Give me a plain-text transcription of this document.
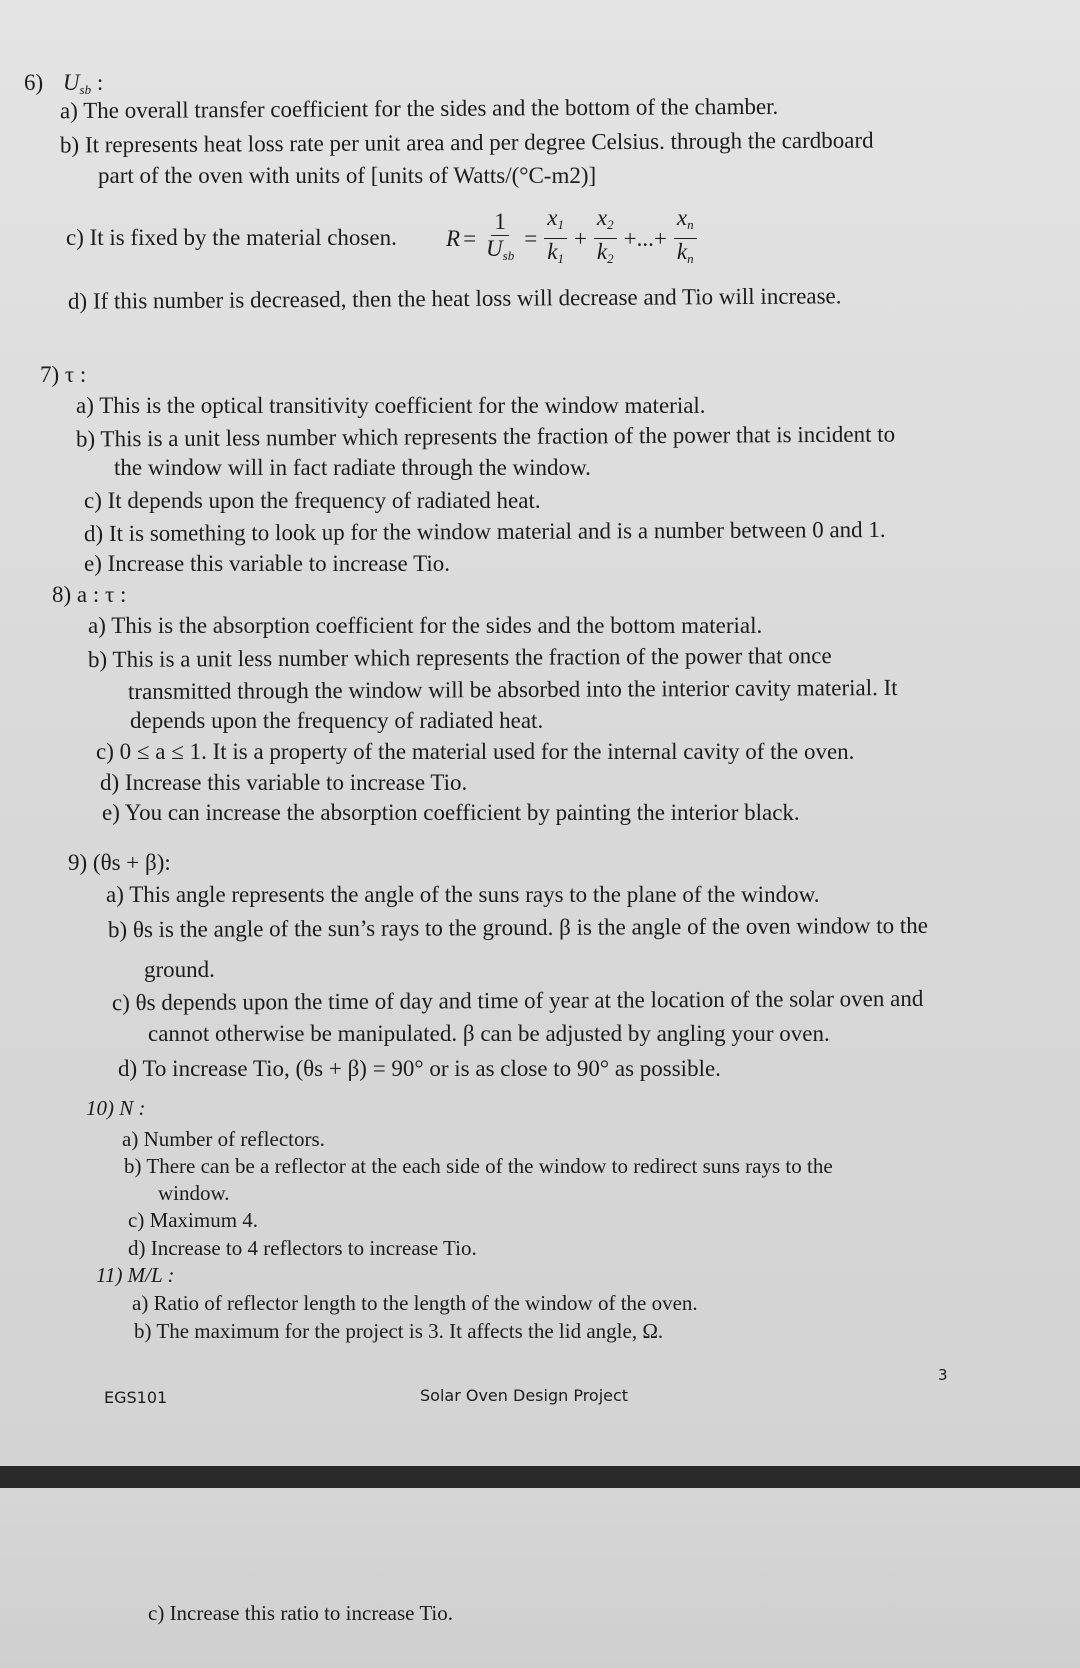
6) $U_{sb}$ :
a) The overall transfer coefficient for the sides and the bottom of the chamber.
b) It represents heat loss rate per unit area and per degree Celsius. through the cardboard
part of the oven with units of [units of Watts/(°C-m2)]
c) It is fixed by the material chosen. $R = \frac{1}{U_{sb}} = \frac{x_1}{k_1} + \frac{x_2}{k_2}$ +...+ $\frac{x_n}{k_n}$
d) If this number is decreased, then the heat loss will decrease and Tio will increase.
7) τ :
a) This is the optical transitivity coefficient for the window material.
b) This is a unit less number which represents the fraction of the power that is incident to
the window will in fact radiate through the window.
c) It depends upon the frequency of radiated heat.
d) It is something to look up for the window material and is a number between 0 and 1.
e) Increase this variable to increase Tio.
8) a : τ :
a) This is the absorption coefficient for the sides and the bottom material.
b) This is a unit less number which represents the fraction of the power that once
transmitted through the window will be absorbed into the interior cavity material. It
depends upon the frequency of radiated heat.
c) 0 ≤ a ≤ 1. It is a property of the material used for the internal cavity of the oven.
d) Increase this variable to increase Tio.
e) You can increase the absorption coefficient by painting the interior black.
9) (θs + β):
a) This angle represents the angle of the suns rays to the plane of the window.
b) θs is the angle of the sun’s rays to the ground. β is the angle of the oven window to the
ground.
c) θs depends upon the time of day and time of year at the location of the solar oven and
cannot otherwise be manipulated. β can be adjusted by angling your oven.
d) To increase Tio, (θs + β) = 90° or is as close to 90° as possible.
10) N :
a) Number of reflectors.
b) There can be a reflector at the each side of the window to redirect suns rays to the
window.
c) Maximum 4.
d) Increase to 4 reflectors to increase Tio.
11) M/L :
a) Ratio of reflector length to the length of the window of the oven.
b) The maximum for the project is 3. It affects the lid angle, Ω.
3
EGS101	Solar Oven Design Project
c) Increase this ratio to increase Tio.
